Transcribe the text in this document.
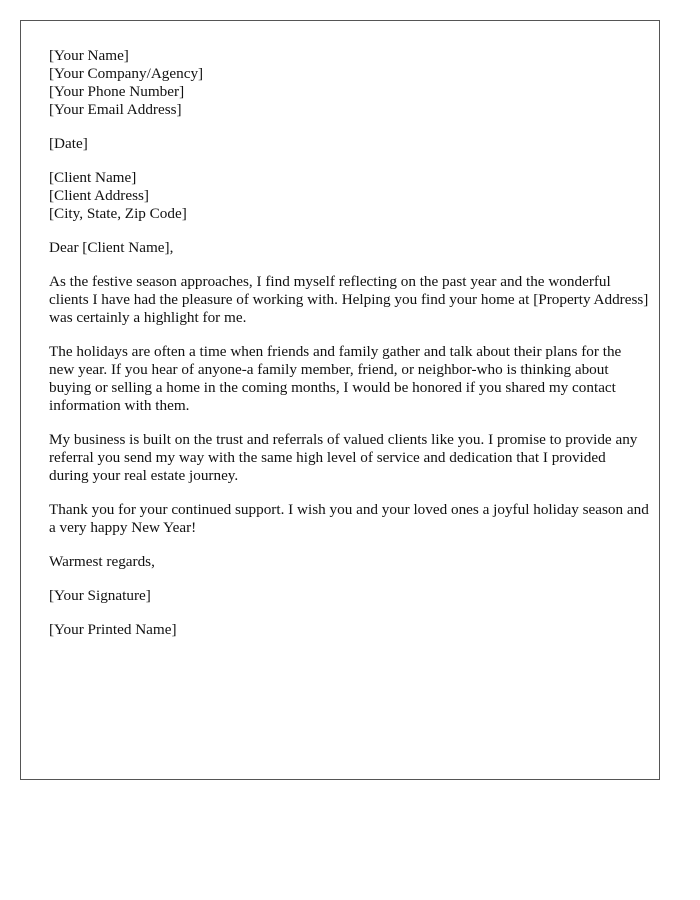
[Your Name]

[Your Company/Agency]

[Your Phone Number]

[Your Email Address]

[Date]

[Client Name]

[Client Address]

[City, State, Zip Code]

Dear [Client Name],

As the festive season approaches, I find myself reflecting on the past year and the wonderful clients I have had the pleasure of working with. Helping you find your home at [Property Address] was certainly a highlight for me.

The holidays are often a time when friends and family gather and talk about their plans for the new year. If you hear of anyone-a family member, friend, or neighbor-who is thinking about buying or selling a home in the coming months, I would be honored if you shared my contact information with them.

My business is built on the trust and referrals of valued clients like you. I promise to provide any referral you send my way with the same high level of service and dedication that I provided during your real estate journey.

Thank you for your continued support. I wish you and your loved ones a joyful holiday season and a very happy New Year!

Warmest regards,

[Your Signature]

[Your Printed Name]
